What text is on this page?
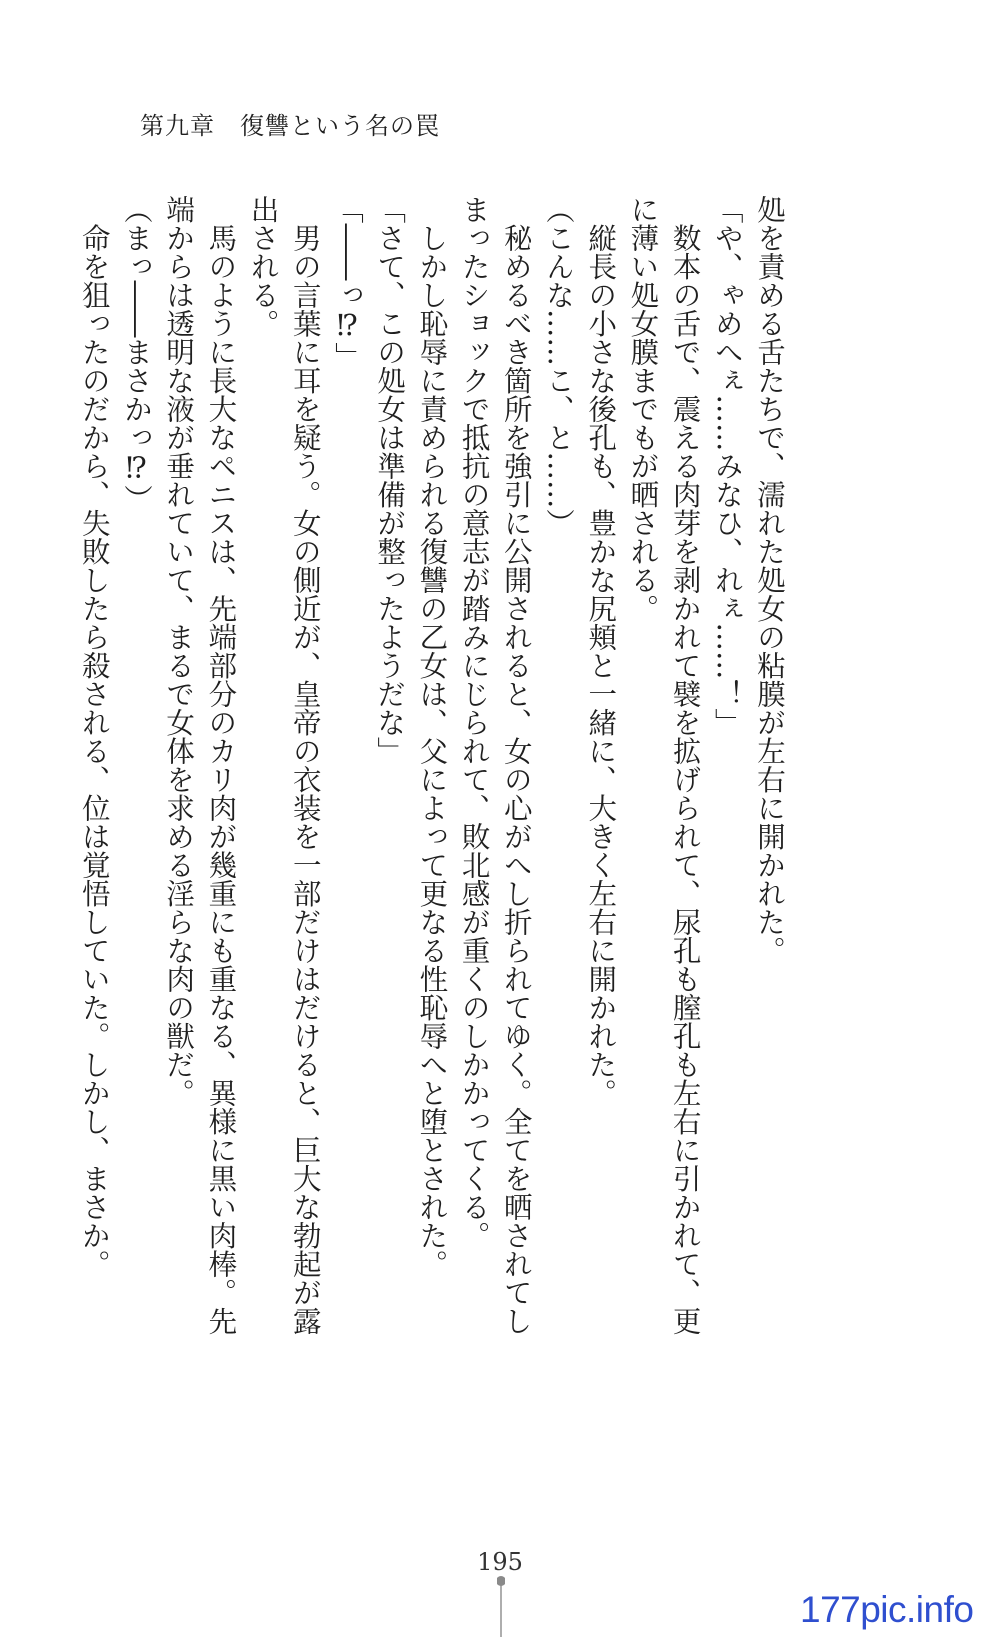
第九章　復讐という名の罠

処を責める舌たちで、濡れた処女の粘膜が左右に開かれた。

「や、ゃめへぇ……みなひ、れぇ……！」

　数本の舌で、震える肉芽を剥かれて襞を拡げられて、尿孔も膣孔も左右に引かれて、更

に薄い処女膜までもが晒される。

　縦長の小さな後孔も、豊かな尻頬と一緒に、大きく左右に開かれた。

（こんな……こ、と……）

　秘めるべき箇所を強引に公開されると、女の心がへし折られてゆく。全てを晒されてし

まったショックで抵抗の意志が踏みにじられて、敗北感が重くのしかかってくる。

　しかし恥辱に責められる復讐の乙女は、父によって更なる性恥辱へと堕とされた。

「さて、この処女は準備が整ったようだな」

「――っ⁉」

　男の言葉に耳を疑う。女の側近が、皇帝の衣装を一部だけはだけると、巨大な勃起が露

出される。

　馬のように長大なペニスは、先端部分のカリ肉が幾重にも重なる、異様に黒い肉棒。先

端からは透明な液が垂れていて、まるで女体を求める淫らな肉の獣だ。

（まっ――まさかっ⁉）

　命を狙ったのだから、失敗したら殺される、位は覚悟していた。しかし、まさか。

195
177pic.info
